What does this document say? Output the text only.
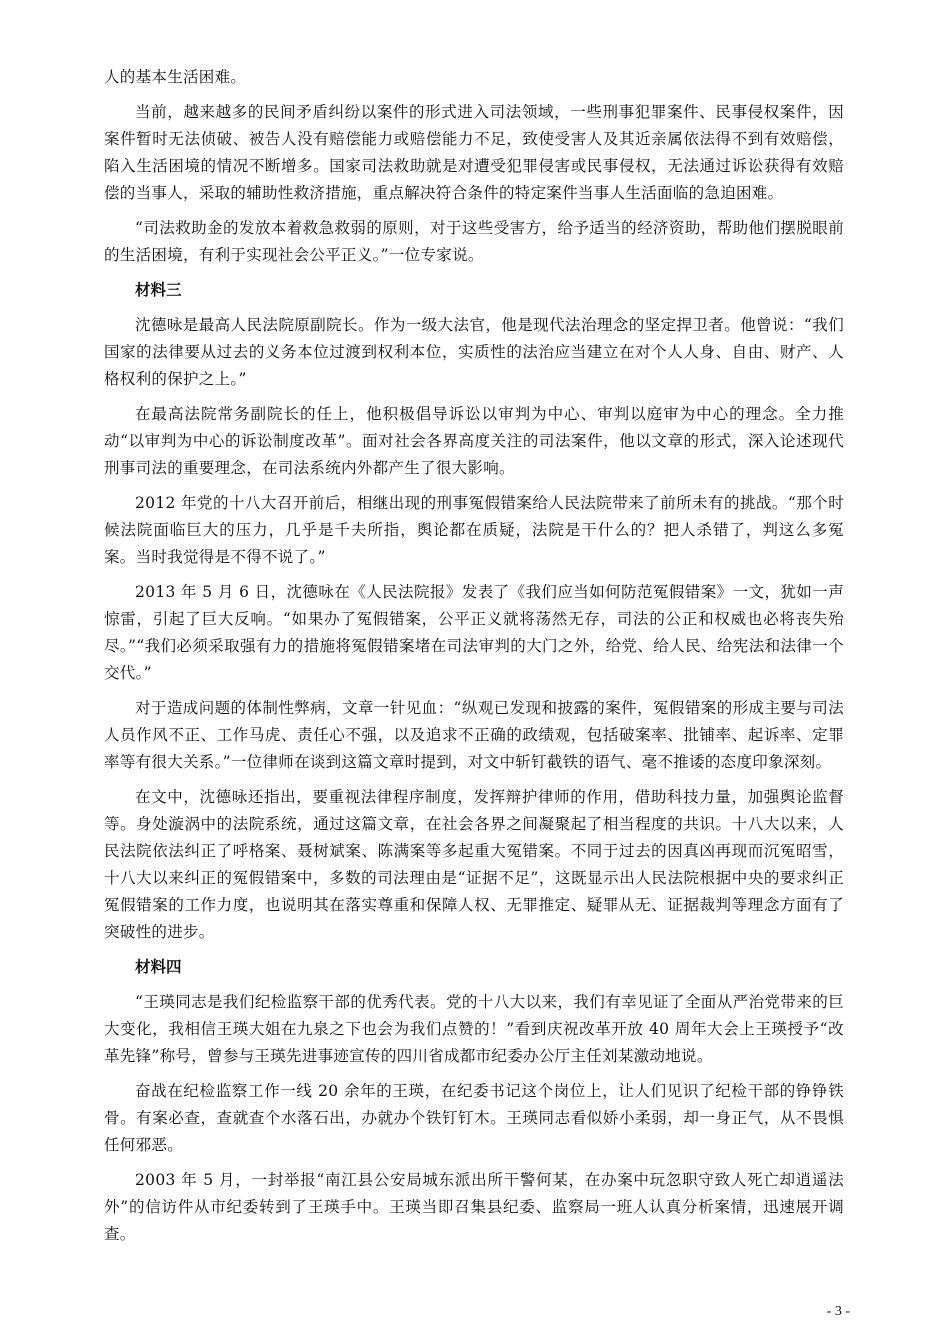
人的基本生活困难。

当前，越来越多的民间矛盾纠纷以案件的形式进入司法领域，一些刑事犯罪案件、民事侵权案件，因案件暂时无法侦破、被告人没有赔偿能力或赔偿能力不足，致使受害人及其近亲属依法得不到有效赔偿，陷入生活困境的情况不断增多。国家司法救助就是对遭受犯罪侵害或民事侵权，无法通过诉讼获得有效赔偿的当事人，采取的辅助性救济措施，重点解决符合条件的特定案件当事人生活面临的急迫困难。

“司法救助金的发放本着救急救弱的原则，对于这些受害方，给予适当的经济资助，帮助他们摆脱眼前的生活困境，有利于实现社会公平正义。”一位专家说。

材料三

沈德咏是最高人民法院原副院长。作为一级大法官，他是现代法治理念的坚定捍卫者。他曾说：“我们国家的法律要从过去的义务本位过渡到权利本位，实质性的法治应当建立在对个人人身、自由、财产、人格权利的保护之上。”

在最高法院常务副院长的任上，他积极倡导诉讼以审判为中心、审判以庭审为中心的理念。全力推动“以审判为中心的诉讼制度改革”。面对社会各界高度关注的司法案件，他以文章的形式，深入论述现代刑事司法的重要理念，在司法系统内外都产生了很大影响。

2012 年党的十八大召开前后，相继出现的刑事冤假错案给人民法院带来了前所未有的挑战。“那个时候法院面临巨大的压力，几乎是千夫所指，舆论都在质疑，法院是干什么的？把人杀错了，判这么多冤案。当时我觉得是不得不说了。”

2013 年 5 月 6 日，沈德咏在《人民法院报》发表了《我们应当如何防范冤假错案》一文，犹如一声惊雷，引起了巨大反响。“如果办了冤假错案，公平正义就将荡然无存，司法的公正和权威也必将丧失殆尽。”“我们必须采取强有力的措施将冤假错案堵在司法审判的大门之外，给党、给人民、给宪法和法律一个交代。”

对于造成问题的体制性弊病，文章一针见血：“纵观已发现和披露的案件，冤假错案的形成主要与司法人员作风不正、工作马虎、责任心不强，以及追求不正确的政绩观，包括破案率、批铺率、起诉率、定罪率等有很大关系。”一位律师在谈到这篇文章时提到，对文中斩钉截铁的语气、毫不推诿的态度印象深刻。

在文中，沈德咏还指出，要重视法律程序制度，发挥辩护律师的作用，借助科技力量，加强舆论监督等。身处漩涡中的法院系统，通过这篇文章，在社会各界之间凝聚起了相当程度的共识。十八大以来，人民法院依法纠正了呼格案、聂树斌案、陈满案等多起重大冤错案。不同于过去的因真凶再现而沉冤昭雪，十八大以来纠正的冤假错案中，多数的司法理由是“证据不足”，这既显示出人民法院根据中央的要求纠正冤假错案的工作力度，也说明其在落实尊重和保障人权、无罪推定、疑罪从无、证据裁判等理念方面有了突破性的进步。

材料四

“王瑛同志是我们纪检监察干部的优秀代表。党的十八大以来，我们有幸见证了全面从严治党带来的巨大变化，我相信王瑛大姐在九泉之下也会为我们点赞的！”看到庆祝改革开放 40 周年大会上王瑛授予“改革先锋”称号，曾参与王瑛先进事迹宣传的四川省成都市纪委办公厅主任刘某激动地说。

奋战在纪检监察工作一线 20 余年的王瑛，在纪委书记这个岗位上，让人们见识了纪检干部的铮铮铁骨。有案必查，查就查个水落石出，办就办个铁钉钉木。王瑛同志看似娇小柔弱，却一身正气，从不畏惧任何邪恶。

2003 年 5 月，一封举报“南江县公安局城东派出所干警何某，在办案中玩忽职守致人死亡却逍遥法外”的信访件从市纪委转到了王瑛手中。王瑛当即召集县纪委、监察局一班人认真分析案情，迅速展开调查。

- 3 -
